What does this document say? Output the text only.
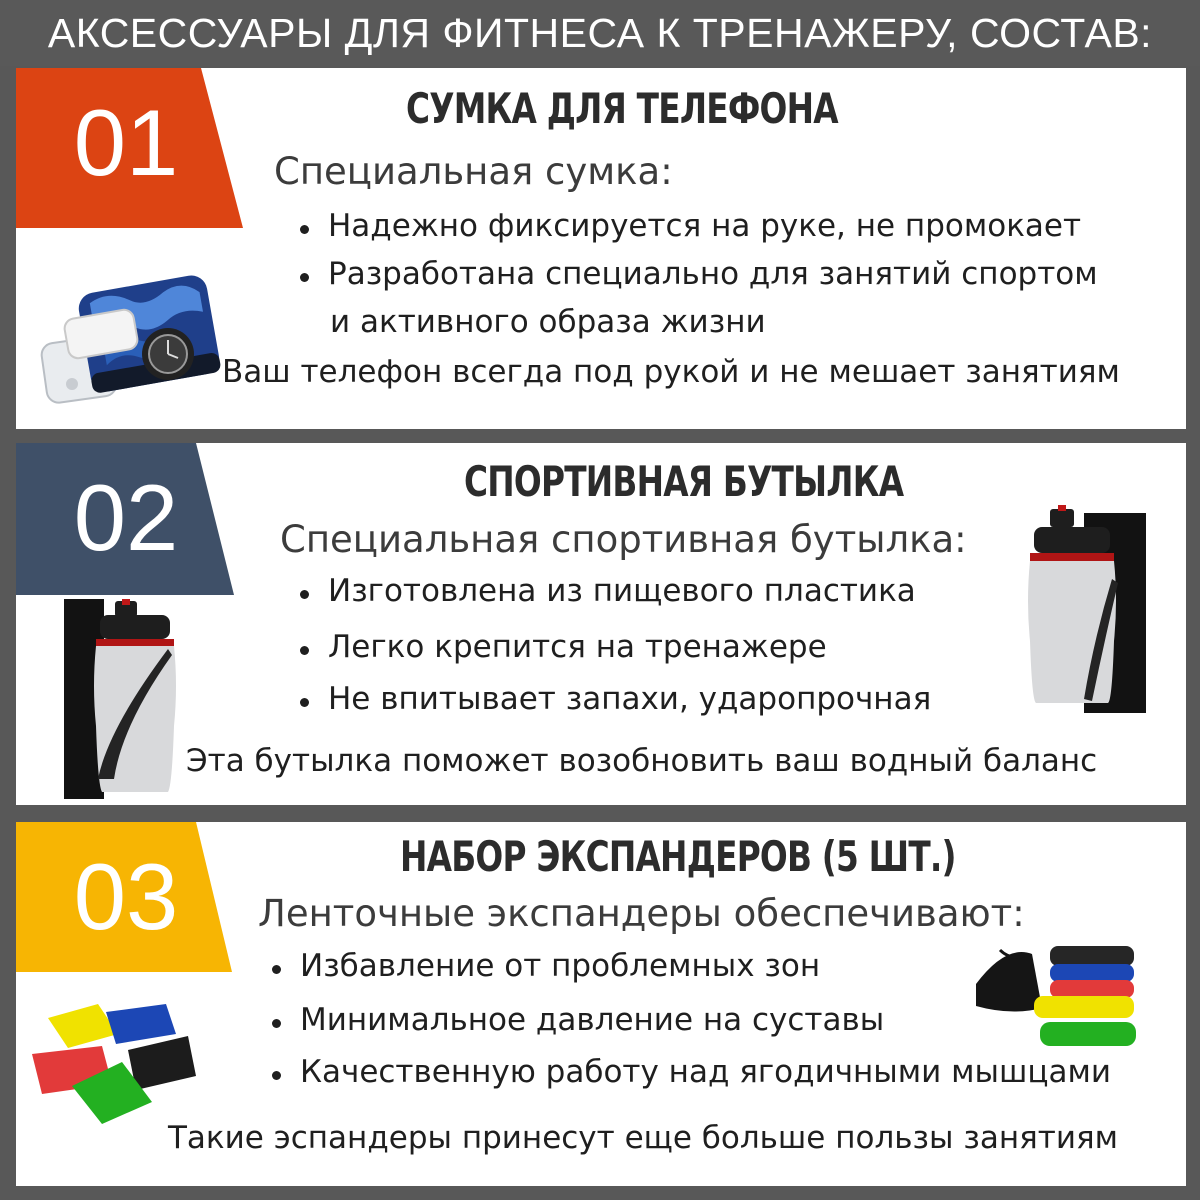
АКСЕССУАРЫ ДЛЯ ФИТНЕСА К ТРЕНАЖЕРУ, СОСТАВ:
01	СУМКА ДЛЯ ТЕЛЕФОНА
Специальная сумка:
Надежно фиксируется на руке, не промокает
Разработана специально для занятий спортом
и активного образа жизни
Ваш телефон всегда под рукой и не мешает занятиям
02	СПОРТИВНАЯ БУТЫЛКА
Специальная спортивная бутылка:
Изготовлена из пищевого пластика
Легко крепится на тренажере
Не впитывает запахи, ударопрочная
Эта бутылка поможет возобновить ваш водный баланс
03	НАБОР ЭКСПАНДЕРОВ (5 ШТ.)
Ленточные экспандеры обеспечивают:
Избавление от проблемных зон
Минимальное давление на суставы
Качественную работу над ягодичными мышцами
Такие эспандеры принесут еще больше пользы занятиям
